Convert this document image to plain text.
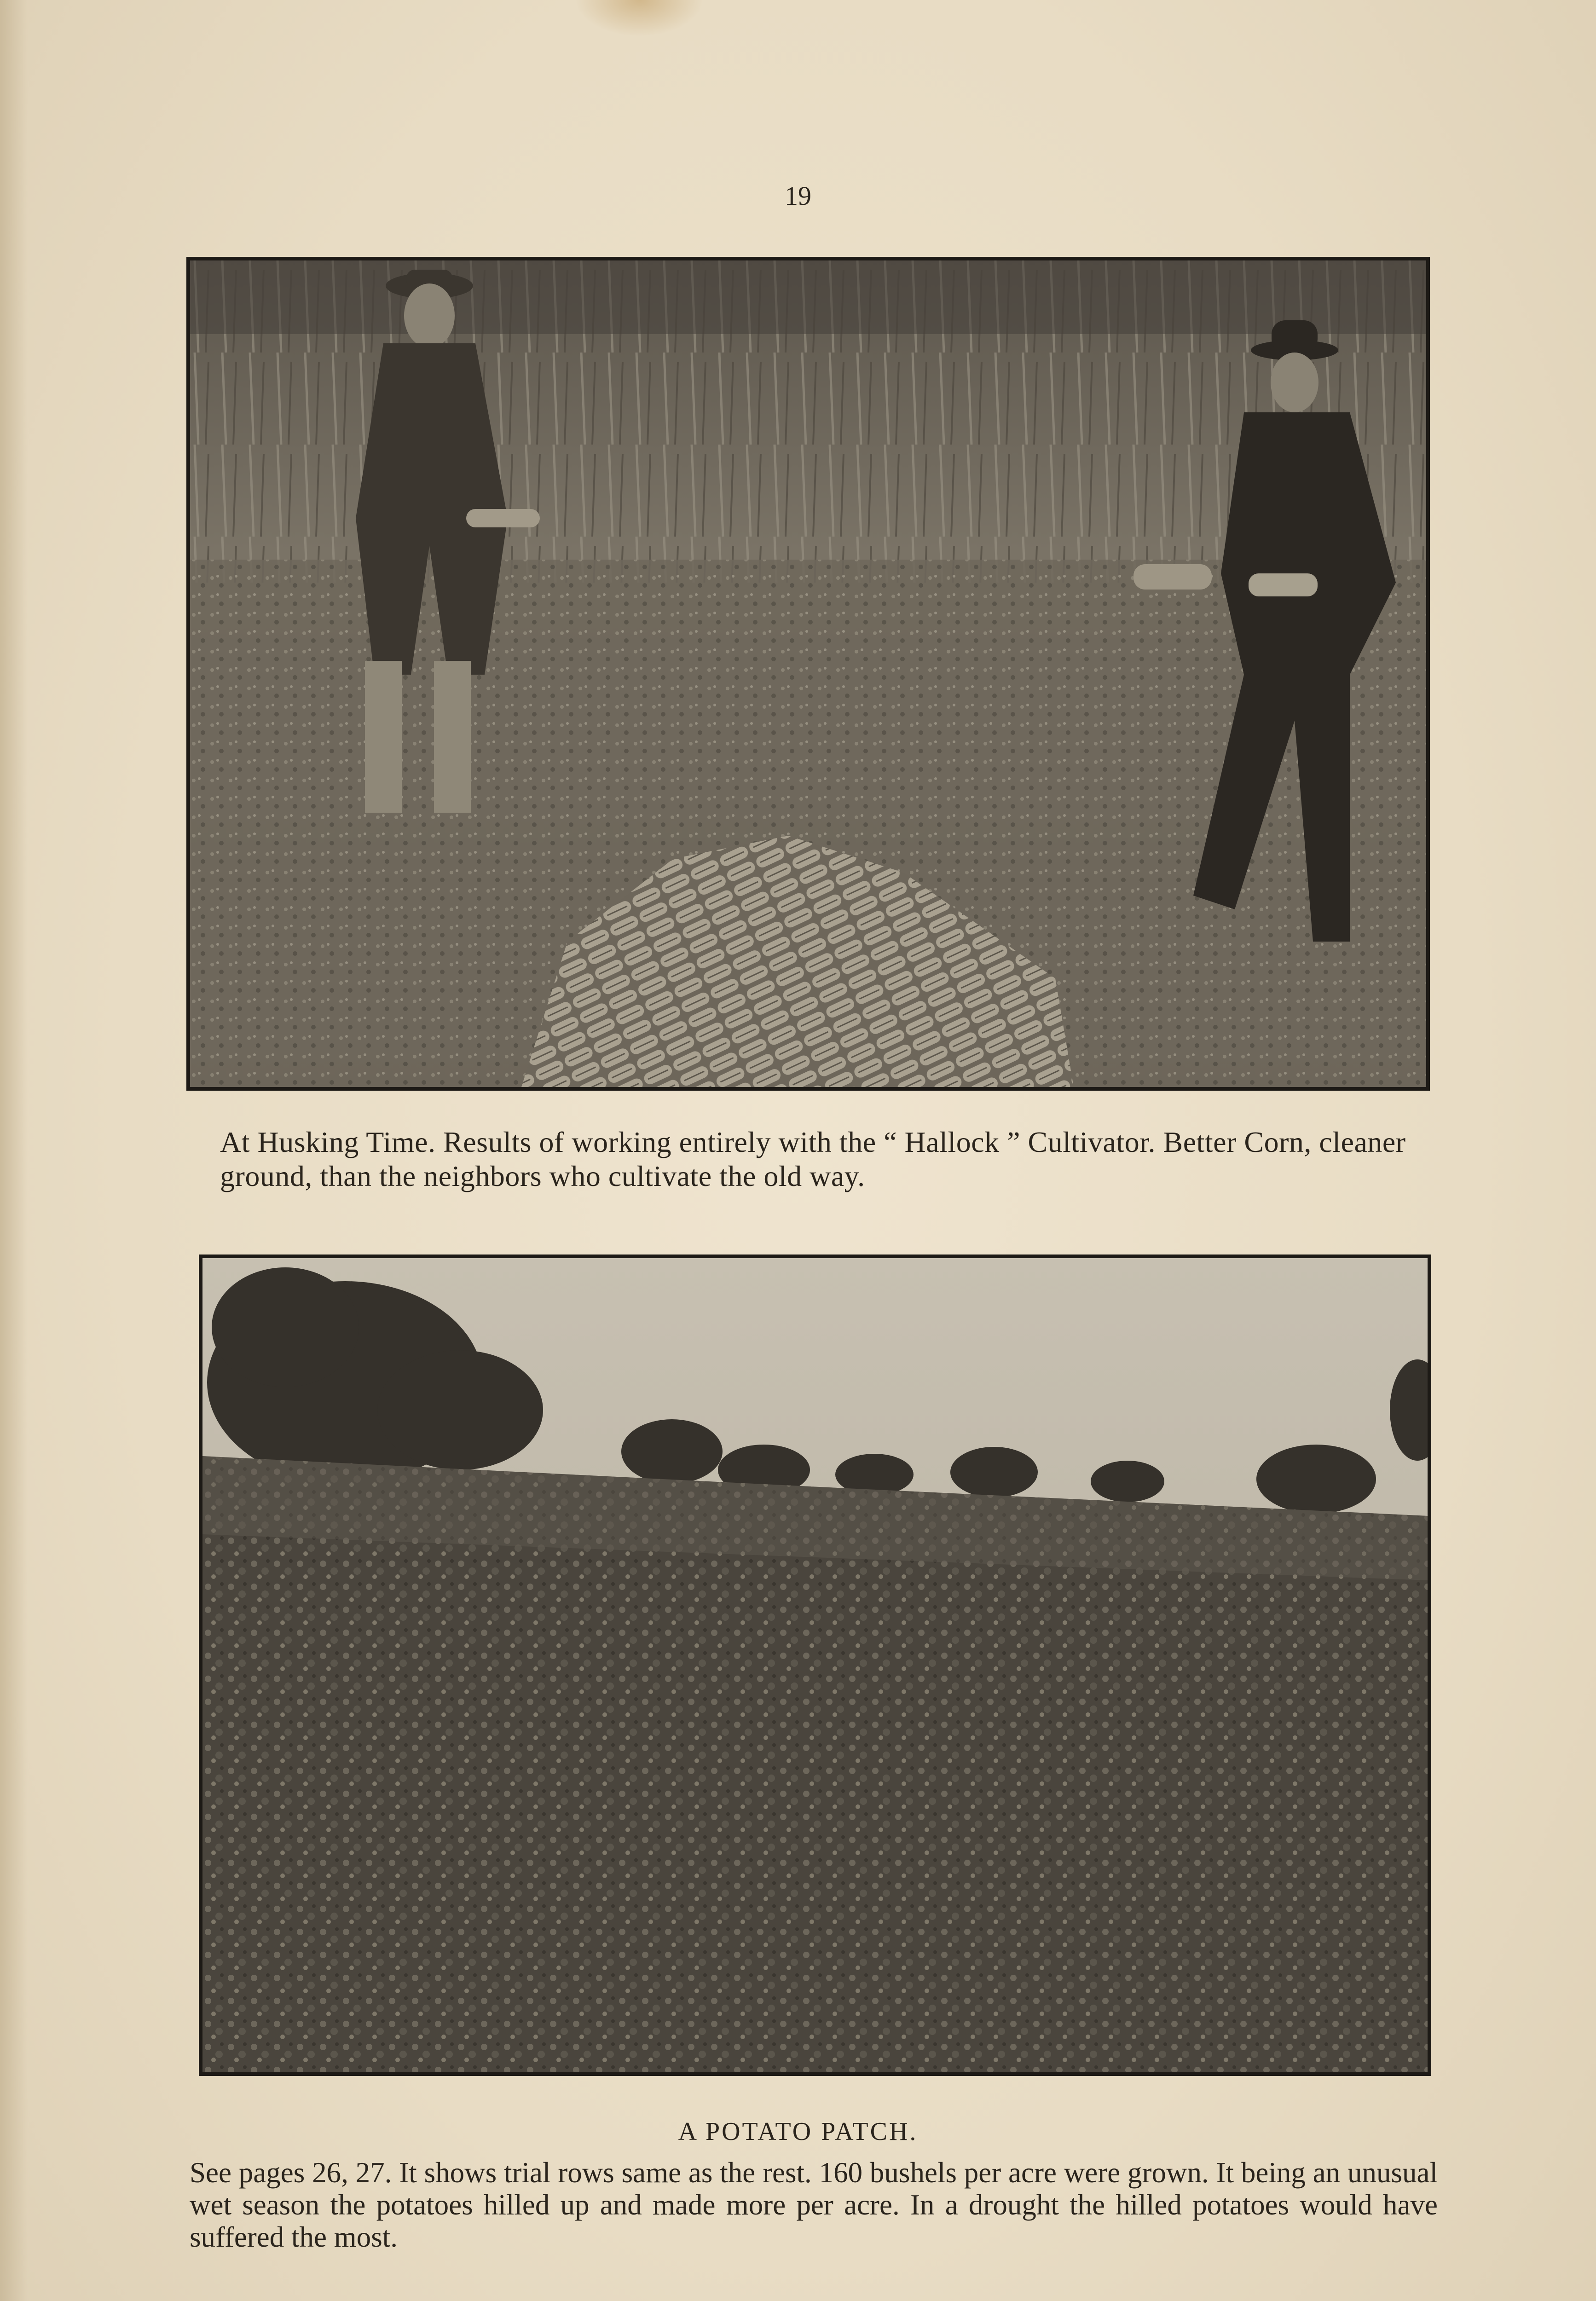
19
At Husking Time. Results of working entirely with the “ Hallock ” Cultivator. Better Corn, cleaner ground, than the neighbors who cultivate the old way.
A POTATO PATCH.
See pages 26, 27. It shows trial rows same as the rest. 160 bushels per acre were grown. It being an unusual wet season the potatoes hilled up and made more per acre. In a drought the hilled potatoes would have suffered the most.
